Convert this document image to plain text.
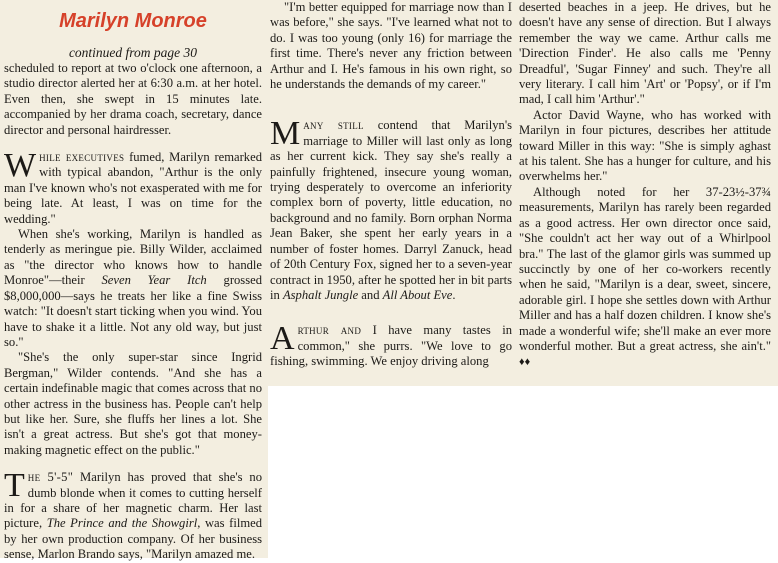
Marilyn Monroe
continued from page 30

scheduled to report at two o'clock one afternoon, a studio director alerted her at 6:30 a.m. at her hotel. Even then, she swept in 15 minutes late. accompanied by her drama coach, secretary, dance director and personal hairdresser.

While executives fumed, Marilyn remarked with typical abandon, "Arthur is the only man I've known who's not exasperated with me for being late. At least, I was on time for the wedding."

When she's working, Marilyn is handled as tenderly as meringue pie. Billy Wilder, acclaimed as "the director who knows how to handle Monroe"—their Seven Year Itch grossed $8,000,000—says he treats her like a fine Swiss watch: "It doesn't start ticking when you wind. You have to shake it a little. Not any old way, but just so."

"She's the only super-star since Ingrid Bergman," Wilder contends. "And she has a certain indefinable magic that comes across that no other actress in the business has. People can't help but like her. Sure, she fluffs her lines a lot. She isn't a great actress. But she's got that money-making magnetic effect on the public."

The 5'-5" Marilyn has proved that she's no dumb blonde when it comes to cutting herself in for a share of her magnetic charm. Her last picture, The Prince and the Showgirl, was filmed by her own production company. Of her business sense, Marlon Brando says, "Marilyn amazed me.

"I'm better equipped for marriage now than I was before," she says. "I've learned what not to do. I was too young (only 16) for marriage the first time. There's never any friction between Arthur and I. He's famous in his own right, so he understands the demands of my career."

Many still contend that Marilyn's marriage to Miller will last only as long as her current kick. They say she's really a painfully frightened, insecure young woman, trying desperately to overcome an inferiority complex born of poverty, little education, no background and no family. Born orphan Norma Jean Baker, she spent her early years in a number of foster homes. Darryl Zanuck, head of 20th Century Fox, signed her to a seven-year contract in 1950, after he spotted her in bit parts in Asphalt Jungle and All About Eve.
Arthur and I have many tastes in common," she purrs. "We love to go fishing, swimming. We enjoy driving along

deserted beaches in a jeep. He drives, but he doesn't have any sense of direction. But I always remember the way we came. Arthur calls me 'Direction Finder'. He also calls me 'Penny Dreadful', 'Sugar Finney' and such. They're all very literary. I call him 'Art' or 'Popsy', or if I'm mad, I call him 'Arthur'."

Actor David Wayne, who has worked with Marilyn in four pictures, describes her attitude toward Miller in this way: "She is simply aghast at his talent. She has a hunger for culture, and his overwhelms her."

Although noted for her 37-23½-37¾ measurements, Marilyn has rarely been regarded as a good actress. Her own director once said, "She couldn't act her way out of a Whirlpool bra." The last of the glamor girls was summed up succinctly by one of her co-workers recently when he said, "Marilyn is a dear, sweet, sincere, adorable girl. I hope she settles down with Arthur Miller and has a half dozen children. I know she's made a wonderful wife; she'll make an ever more wonderful mother. But a great actress, she ain't." ♦♦
